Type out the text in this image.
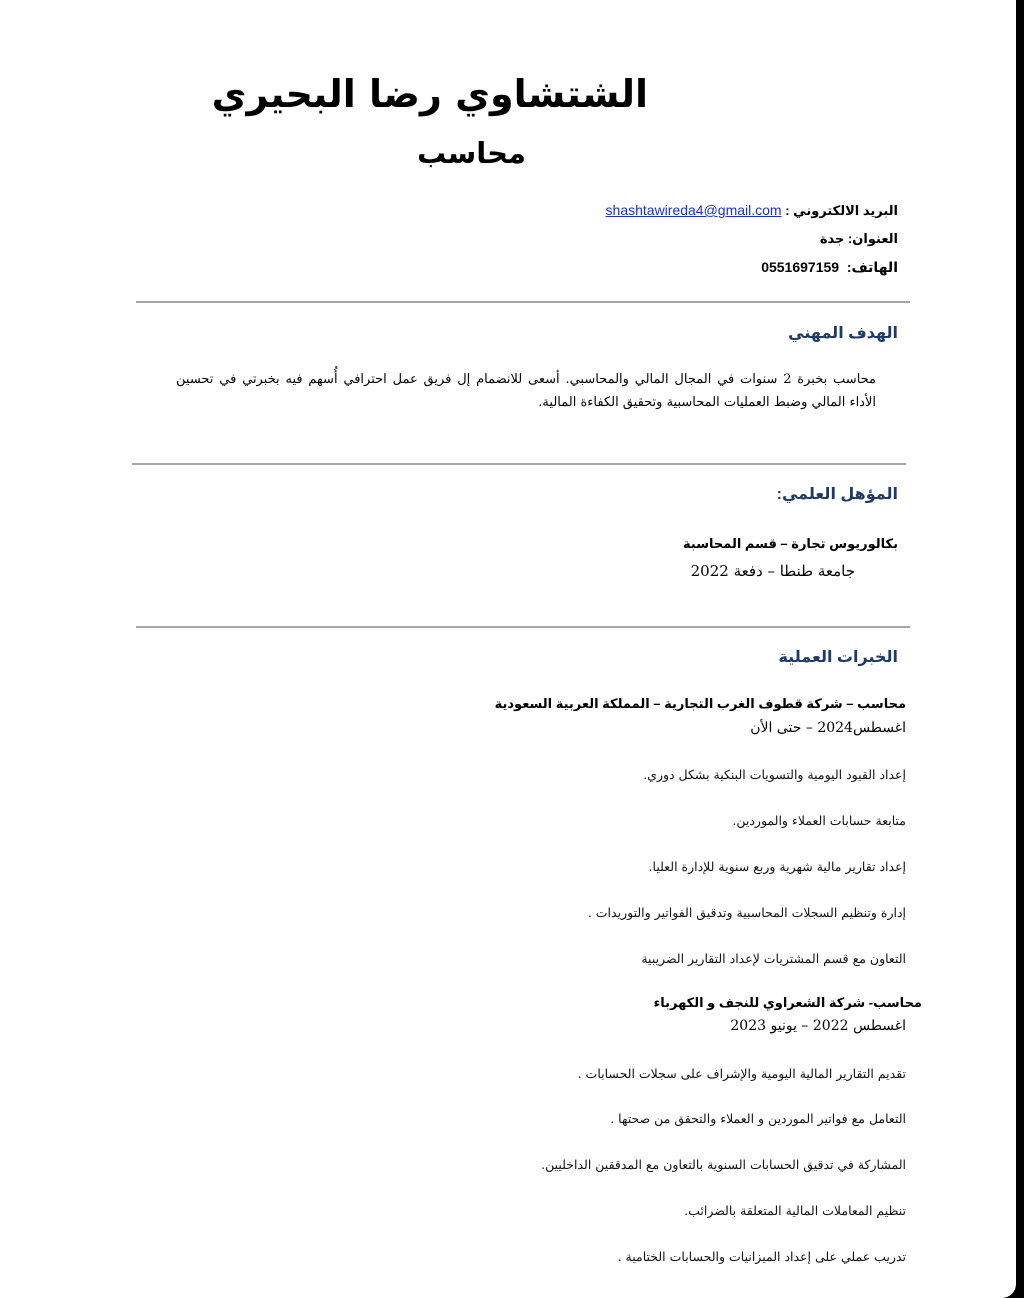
الشتشاوي رضا البحيري
محاسب
البريد الالكتروني : shashtawireda4@gmail.com
العنوان: جدة
الهاتف:  0551697159
الهدف المهني

محاسب بخبرة 2 سنوات في المجال المالي والمحاسبي. أسعى للانضمام إل فريق عمل احترافي أُسهم فيه بخبرتي في تحسين الأداء المالي وضبط العمليات المحاسبية وتحقيق الكفاءة المالية.

المؤهل العلمي:
بكالوريوس تجارة – قسم المحاسبة
جامعة طنطا – دفعة 2022
الخبرات العملية
محاسب – شركة قطوف الغرب التجارية – المملكة العربية السعودية
اغسطس2024 – حتى الأن
إعداد القيود اليومية والتسويات البنكية بشكل دوري.
متابعة حسابات العملاء والموردين.
إعداد تقارير مالية شهرية وربع سنوية للإدارة العليا.
إدارة وتنظيم السجلات المحاسبية وتدقيق الفواتير والتوريدات .
التعاون مع قسم المشتريات لإعداد التقارير الضريبية
محاسب- شركة الشعراوي للنجف و الكهرباء
اغسطس 2022 – يونيو 2023
تقديم التقارير المالية اليومية والإشراف على سجلات الحسابات .
التعامل مع فواتير الموردين و العملاء والتحقق من صحتها .
المشاركة في تدقيق الحسابات السنوية بالتعاون مع المدققين الداخليين.
تنظيم المعاملات المالية المتعلقة بالضرائب.
تدريب عملي على إعداد الميزانيات والحسابات الختامية .
